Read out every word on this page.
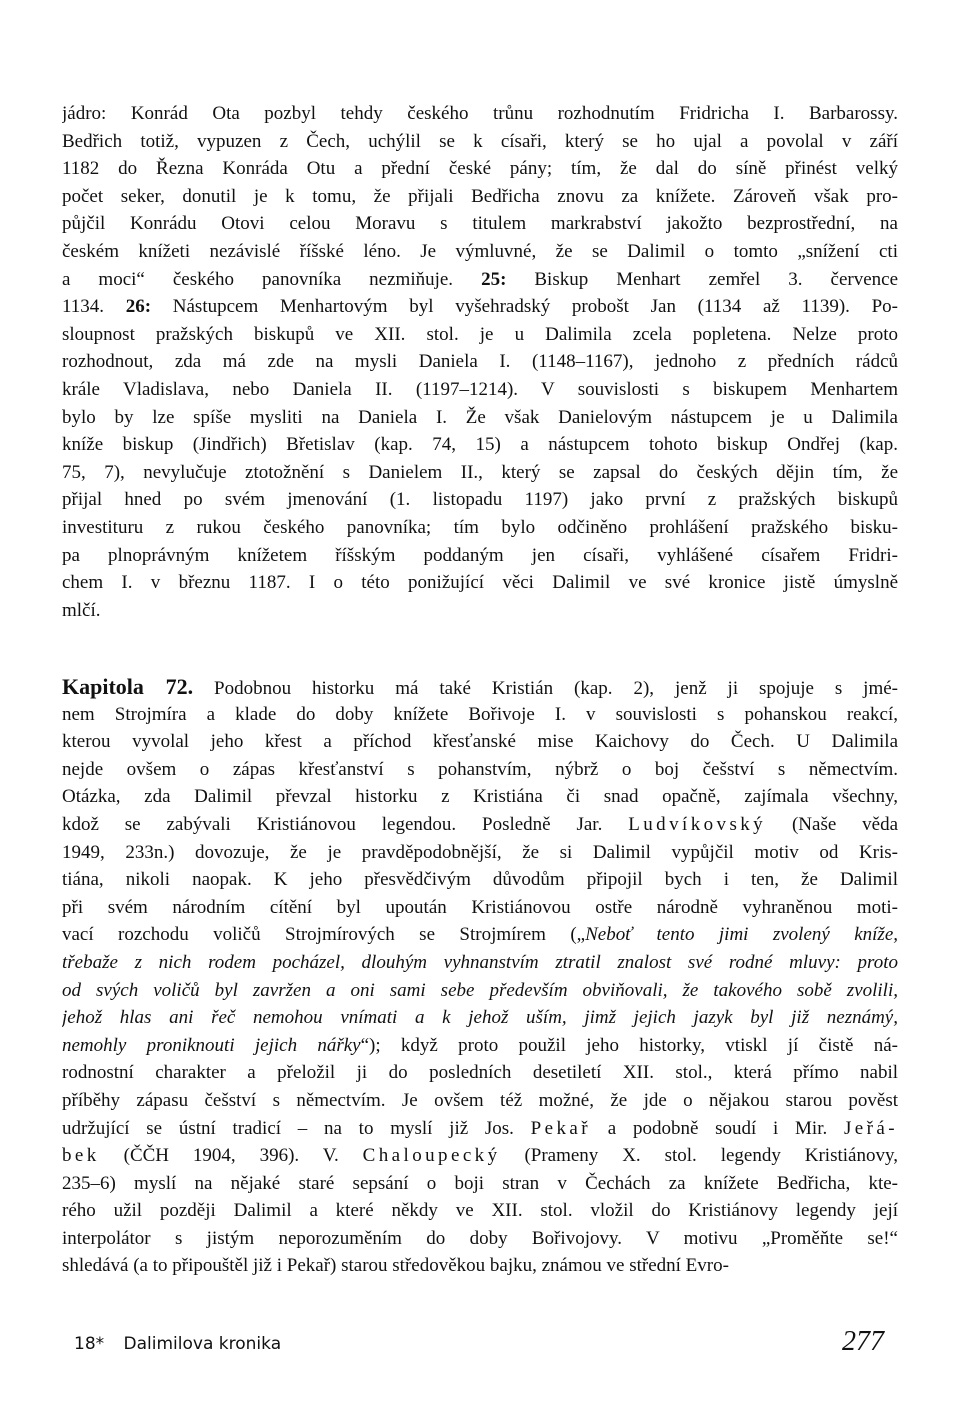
jádro: Konrád Ota pozbyl tehdy českého trůnu rozhodnutím Fridricha I. Barbarossy.
Bedřich totiž, vypuzen z Čech, uchýlil se k císaři, který se ho ujal a povolal v září
1182 do Řezna Konráda Otu a přední české pány; tím, že dal do síně přinést velký
počet seker, donutil je k tomu, že přijali Bedřicha znovu za knížete. Zároveň však pro-
půjčil Konrádu Otovi celou Moravu s titulem markrabství jakožto bezprostřední, na
českém knížeti nezávislé říšské léno. Je výmluvné, že se Dalimil o tomto „snížení cti
a moci“ českého panovníka nezmiňuje. 25: Biskup Menhart zemřel 3. července
1134. 26: Nástupcem Menhartovým byl vyšehradský probošt Jan (1134 až 1139). Po-
sloupnost pražských biskupů ve XII. stol. je u Dalimila zcela popletena. Nelze proto
rozhodnout, zda má zde na mysli Daniela I. (1148–1167), jednoho z předních rádců
krále Vladislava, nebo Daniela II. (1197–1214). V souvislosti s biskupem Menhartem
bylo by lze spíše mysliti na Daniela I. Že však Danielovým nástupcem je u Dalimila
kníže biskup (Jindřich) Břetislav (kap. 74, 15) a nástupcem tohoto biskup Ondřej (kap.
75, 7), nevylučuje ztotožnění s Danielem II., který se zapsal do českých dějin tím, že
přijal hned po svém jmenování (1. listopadu 1197) jako první z pražských biskupů
investituru z rukou českého panovníka; tím bylo odčiněno prohlášení pražského bisku-
pa plnoprávným knížetem říšským poddaným jen císaři, vyhlášené císařem Fridri-
chem I. v březnu 1187. I o této ponižující věci Dalimil ve své kronice jistě úmyslně
mlčí.
Kapitola 72. Podobnou historku má také Kristián (kap. 2), jenž ji spojuje s jmé-
nem Strojmíra a klade do doby knížete Bořivoje I. v souvislosti s pohanskou reakcí,
kterou vyvolal jeho křest a příchod křesťanské mise Kaichovy do Čech. U Dalimila
nejde ovšem o zápas křesťanství s pohanstvím, nýbrž o boj češství s němectvím.
Otázka, zda Dalimil převzal historku z Kristiána či snad opačně, zajímala všechny,
kdož se zabývali Kristiánovou legendou. Posledně Jar. Ludvíkovský (Naše věda
1949, 233n.) dovozuje, že je pravděpodobnější, že si Dalimil vypůjčil motiv od Kris-
tiána, nikoli naopak. K jeho přesvědčivým důvodům připojil bych i ten, že Dalimil
při svém národním cítění byl upoután Kristiánovou ostře národně vyhraněnou moti-
vací rozchodu voličů Strojmírových se Strojmírem („Neboť tento jimi zvolený kníže,
třebaže z nich rodem pocházel, dlouhým vyhnanstvím ztratil znalost své rodné mluvy: proto
od svých voličů byl zavržen a oni sami sebe především obviňovali, že takového sobě zvolili,
jehož hlas ani řeč nemohou vnímati a k jehož uším, jimž jejich jazyk byl již neznámý,
nemohly proniknouti jejich nářky“); když proto použil jeho historky, vtiskl jí čistě ná-
rodnostní charakter a přeložil ji do posledních desetiletí XII. stol., která přímo nabil
příběhy zápasu češství s němectvím. Je ovšem též možné, že jde o nějakou starou pověst
udržující se ústní tradicí – na to myslí již Jos. Pekař a podobně soudí i Mir. Jeřá-
bek (ČČH 1904, 396). V. Chaloupecký (Prameny X. stol. legendy Kristiánovy,
235–6) myslí na nějaké staré sepsání o boji stran v Čechách za knížete Bedřicha, kte-
rého užil později Dalimil a které někdy ve XII. stol. vložil do Kristiánovy legendy její
interpolátor s jistým neporozuměním do doby Bořivojovy. V motivu „Proměňte se!“
shledává (a to připouštěl již i Pekař) starou středověkou bajku, známou ve střední Evro-
18* Dalimilova kronika	277
